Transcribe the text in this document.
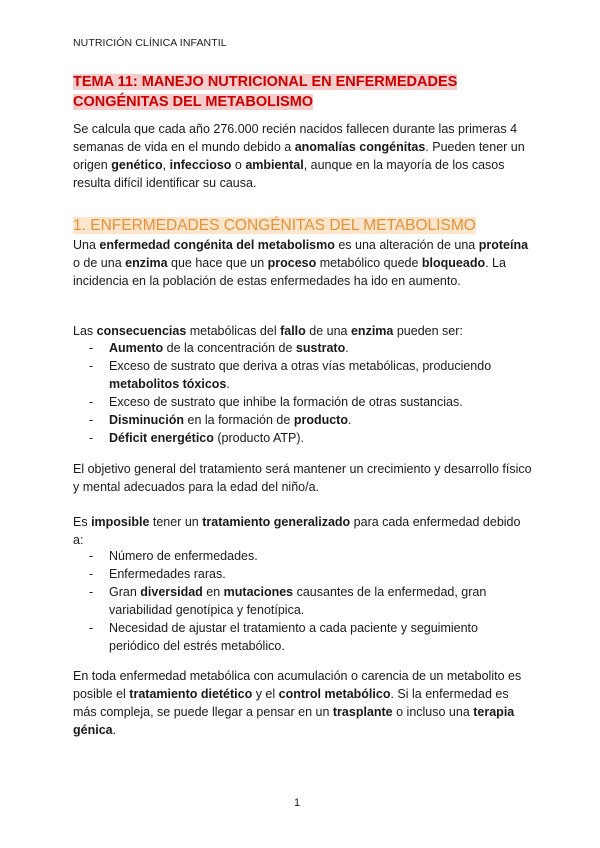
NUTRICIÓN CLÍNICA INFANTIL
TEMA 11: MANEJO NUTRICIONAL EN ENFERMEDADES
CONGÉNITAS DEL METABOLISMO

Se calcula que cada año 276.000 recién nacidos fallecen durante las primeras 4 semanas de vida en el mundo debido a anomalías congénitas. Pueden tener un origen genético, infeccioso o ambiental, aunque en la mayoría de los casos resulta difícil identificar su causa.

1. ENFERMEDADES CONGÉNITAS DEL METABOLISMO

Una enfermedad congénita del metabolismo es una alteración de una proteína o de una enzima que hace que un proceso metabólico quede bloqueado. La incidencia en la población de estas enfermedades ha ido en aumento.

Las consecuencias metabólicas del fallo de una enzima pueden ser:

- Aumento de la concentración de sustrato.
- Exceso de sustrato que deriva a otras vías metabólicas, produciendo metabolitos tóxicos.
- Exceso de sustrato que inhibe la formación de otras sustancias.
- Disminución en la formación de producto.
- Déficit energético (producto ATP).

El objetivo general del tratamiento será mantener un crecimiento y desarrollo físico y mental adecuados para la edad del niño/a.

Es imposible tener un tratamiento generalizado para cada enfermedad debido a:

- Número de enfermedades.
- Enfermedades raras.
- Gran diversidad en mutaciones causantes de la enfermedad, gran variabilidad genotípica y fenotípica.
- Necesidad de ajustar el tratamiento a cada paciente y seguimiento periódico del estrés metabólico.

En toda enfermedad metabólica con acumulación o carencia de un metabolito es posible el tratamiento dietético y el control metabólico. Si la enfermedad es más compleja, se puede llegar a pensar en un trasplante o incluso una terapia génica.

1
